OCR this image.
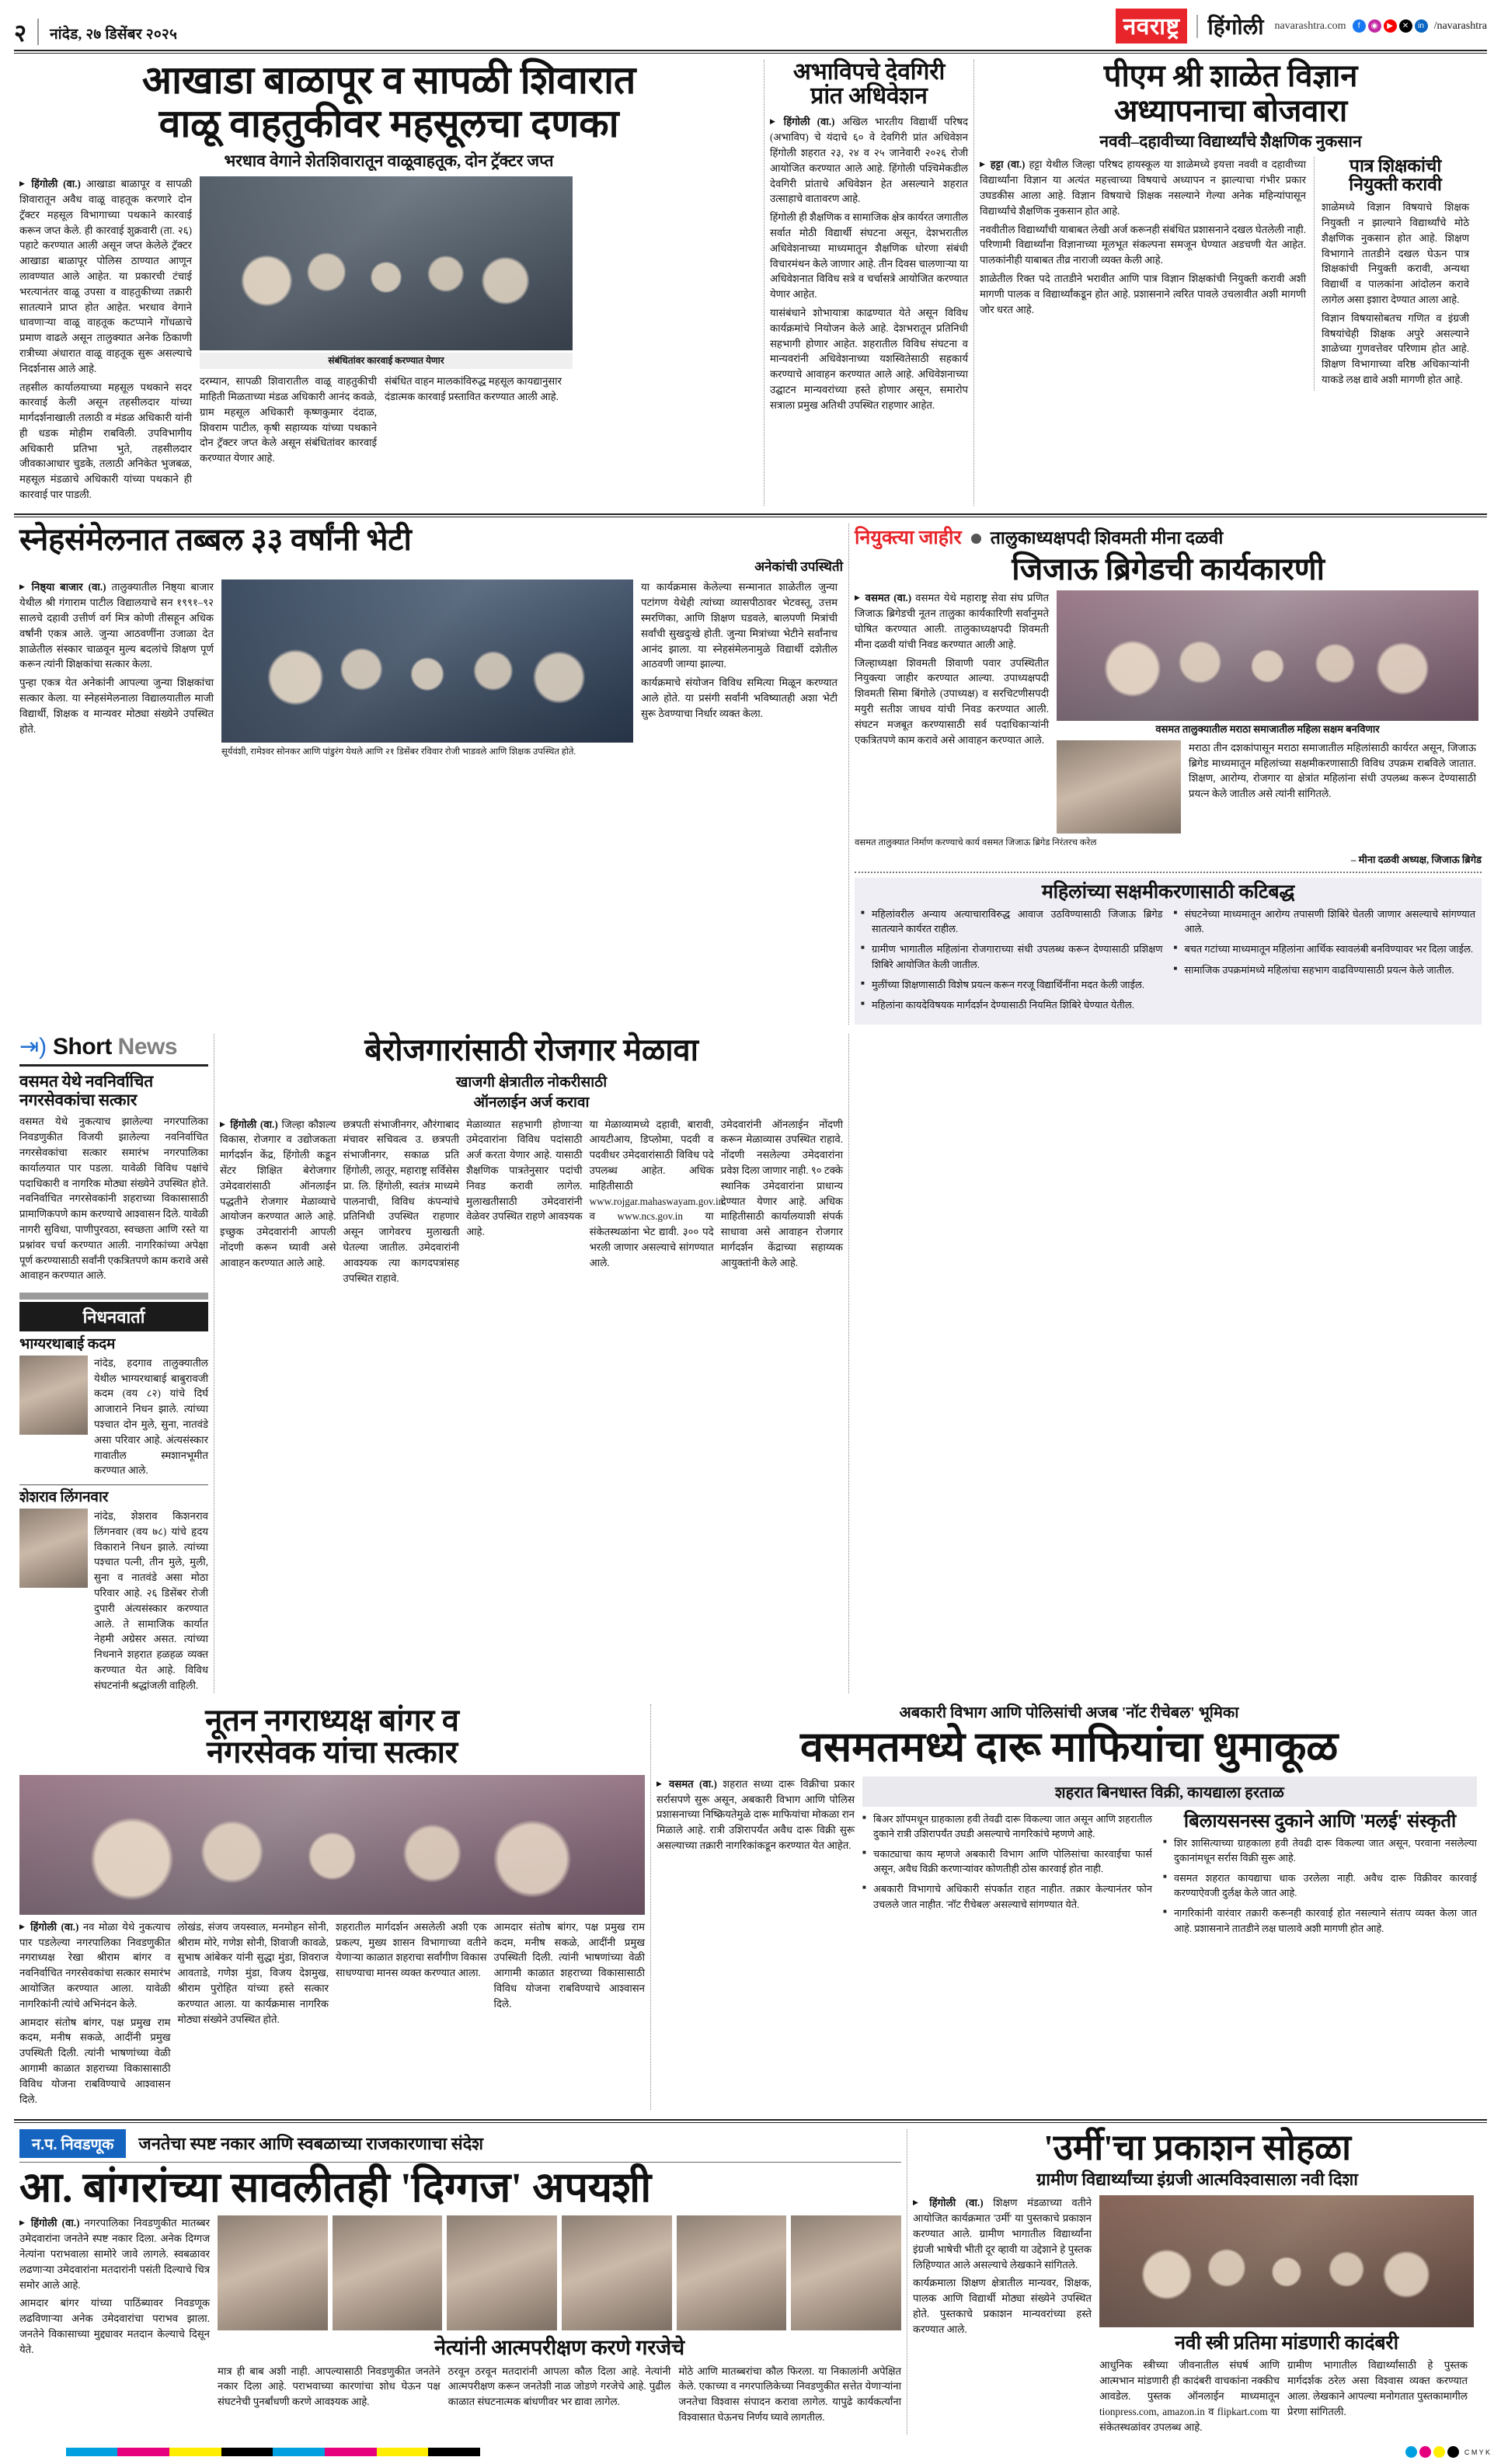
२ नांदेड, २७ डिसेंबर २०२५	नवराष्ट्र	हिंगोली navarashtra.com	f	◉	▶	✕	in /navarashtra
आखाडा बाळापूर व सापळी शिवारात
वाळू वाहतुकीवर महसूलचा दणका
भरधाव वेगाने शेतशिवारातून वाळूवाहतूक, दोन ट्रॅक्टर जप्त

▶ हिंगोली (वा.) आखाडा बाळापूर व सापळी शिवारातून अवैध वाळू वाहतूक करणारे दोन ट्रॅक्टर महसूल विभागाच्या पथकाने कारवाई करून जप्त केले. ही कारवाई शुक्रवारी (ता. २६) पहाटे करण्यात आली असून जप्त केलेले ट्रॅक्टर आखाडा बाळापूर पोलिस ठाण्यात आणून लावण्यात आले आहेत. या प्रकारची टंचाई भरत्यानंतर वाळू उपसा व वाहतुकीच्या तक्रारी सातत्याने प्राप्त होत आहेत. भरधाव वेगाने धावणाऱ्या वाळू वाहतूक कटप्पाने गोंधळाचे प्रमाण वाढले असून तालुक्यात अनेक ठिकाणी रात्रीच्या अंधारात वाळू वाहतूक सुरू असल्याचे निदर्शनास आले आहे.

तहसील कार्यालयाच्या महसूल पथकाने सदर कारवाई केली असून तहसीलदार यांच्या मार्गदर्शनाखाली तलाठी व मंडळ अधिकारी यांनी ही धडक मोहीम राबविली. उपविभागीय अधिकारी प्रतिभा भुते, तहसीलदार जीवकाआधार चुडकेे, तलाठी अनिकेत भुजबळ, महसूल मंडळाचे अधिकारी यांच्या पथकाने ही कारवाई पार पाडली.

संबंधितांवर कारवाई करण्यात येणार
दरम्यान, सापळी शिवारातील वाळू वाहतुकीची माहिती मिळताच्या मंडळ अधिकारी आनंद कवळे, ग्राम महसूल अधिकारी कृष्णकुमार दंदाळ, शिवराम पाटील, कृषी सहाय्यक यांच्या पथकाने दोन ट्रॅक्टर जप्त केले असून संबंधितांवर कारवाई करण्यात येणार आहे.
संबंधित वाहन मालकांविरुद्ध महसूल कायद्यानुसार दंडात्मक कारवाई प्रस्तावित करण्यात आली आहे.
अभाविपचे देवगिरी
प्रांत अधिवेशन

▶ हिंगोली (वा.) अखिल भारतीय विद्यार्थी परिषद (अभाविप) चे यंदाचे ६० वे देवगिरी प्रांत अधिवेशन हिंगोली शहरात २३, २४ व २५ जानेवारी २०२६ रोजी आयोजित करण्यात आले आहे. हिंगोली पश्चिमेकडील देवगिरी प्रांताचे अधिवेशन हेत असल्याने शहरात उत्साहाचे वातावरण आहे.

हिंगोली ही शैक्षणिक व सामाजिक क्षेत्र कार्यरत जगातील सर्वात मोठी विद्यार्थी संघटना असून, देशभरातील अधिवेशनाच्या माध्यमातून शैक्षणिक धोरणा संबंधी विचारमंथन केले जाणार आहे. तीन दिवस चालणाऱ्या या अधिवेशनात विविध सत्रे व चर्चासत्रे आयोजित करण्यात येणार आहेत.

यासंबंधाने शोभायात्रा काढण्यात येते असून विविध कार्यक्रमांचे नियोजन केले आहे. देशभरातून प्रतिनिधी सहभागी होणार आहेत. शहरातील विविध संघटना व मान्यवरांनी अधिवेशनाच्या यशस्वितेसाठी सहकार्य करण्याचे आवाहन करण्यात आले आहे. अधिवेशनाच्या उद्घाटन मान्यवरांच्या हस्ते होणार असून, समारोप सत्राला प्रमुख अतिथी उपस्थित राहणार आहेत.

पीएम श्री शाळेत विज्ञान
अध्यापनाचा बोजवारा
नववी–दहावीच्या विद्यार्थ्यांचे शैक्षणिक नुकसान

▶ हट्टा (वा.) हट्टा येथील जिल्हा परिषद हायस्कूल या शाळेमध्ये इयत्ता नववी व दहावीच्या विद्यार्थ्यांना विज्ञान या अत्यंत महत्त्वाच्या विषयाचे अध्यापन न झाल्याचा गंभीर प्रकार उघडकीस आला आहे. विज्ञान विषयाचे शिक्षक नसल्याने गेल्या अनेक महिन्यांपासून विद्यार्थ्यांचे शैक्षणिक नुकसान होत आहे.

नववीतील विद्यार्थ्यांची याबाबत लेखी अर्ज करूनही संबंधित प्रशासनाने दखल घेतलेली नाही. परिणामी विद्यार्थ्यांना विज्ञानाच्या मूलभूत संकल्पना समजून घेण्यात अडचणी येत आहेत. पालकांनीही याबाबत तीव्र नाराजी व्यक्त केली आहे.

शाळेतील रिक्त पदे तातडीने भरावीत आणि पात्र विज्ञान शिक्षकांची नियुक्ती करावी अशी मागणी पालक व विद्यार्थ्यांकडून होत आहे. प्रशासनाने त्वरित पावले उचलावीत अशी मागणी जोर धरत आहे.

पात्र शिक्षकांची
नियुक्ती करावी

शाळेमध्ये विज्ञान विषयाचे शिक्षक नियुक्ती न झाल्याने विद्यार्थ्यांचे मोठे शैक्षणिक नुकसान होत आहे. शिक्षण विभागाने तातडीने दखल घेऊन पात्र शिक्षकांची नियुक्ती करावी, अन्यथा विद्यार्थी व पालकांना आंदोलन करावे लागेल असा इशारा देण्यात आला आहे.

विज्ञान विषयासोबतच गणित व इंग्रजी विषयांचेही शिक्षक अपुरे असल्याने शाळेच्या गुणवत्तेवर परिणाम होत आहे. शिक्षण विभागाच्या वरिष्ठ अधिकाऱ्यांनी याकडे लक्ष द्यावे अशी मागणी होत आहे.

स्नेहसंमेलनात तब्बल ३३ वर्षांनी भेटी
अनेकांची उपस्थिती

▶ निष्ठ्या बाजार (वा.) तालुक्यातील निष्ठ्या बाजार येथील श्री गंगाराम पाटील विद्यालयाचे सन १९९१–९२ सालचे दहावी उत्तीर्ण वर्ग मित्र कोणी तीसहून अधिक वर्षांनी एकत्र आले. जुन्या आठवणींना उजाळा देत शाळेतील संस्कार चाळवून मुल्य बदलांचे शिक्षण पूर्ण करून त्यांनी शिक्षकांचा सत्कार केला.

पुन्हा एकत्र येत अनेकांनी आपल्या जुन्या शिक्षकांचा सत्कार केला. या स्नेहसंमेलनाला विद्यालयातील माजी विद्यार्थी, शिक्षक व मान्यवर मोठ्या संख्येने उपस्थित होते.

सूर्यवंशी, रामेश्वर सोनकर आणि पांडुरंग येथले आणि २१ डिसेंबर रविवार रोजी भाडवले आणि शिक्षक उपस्थित होते.

या कार्यक्रमास केलेल्या सन्मानात शाळेतील जुन्या पटांगण येथेही त्यांच्या व्यासपीठावर भेटवस्तू, उत्तम स्मरणिका, आणि शिक्षण घडवले, बालपणी मित्रांची सर्वांची सुखदुःखे होती. जुन्या मित्रांच्या भेटीने सर्वांनाच आनंद झाला. या स्नेहसंमेलनामुळे विद्यार्थी दशेतील आठवणी जाग्या झाल्या.

कार्यक्रमाचे संयोजन विविध समित्या मिळून करण्यात आले होते. या प्रसंगी सर्वांनी भविष्यातही अशा भेटी सुरू ठेवण्याचा निर्धार व्यक्त केला.

नियुक्त्या जाहीर तालुकाध्यक्षपदी शिवमती मीना दळवी
जिजाऊ ब्रिगेडची कार्यकारणी

▶ वसमत (वा.) वसमत येथे महाराष्ट्र सेवा संघ प्रणित जिजाऊ ब्रिगेडची नूतन तालुका कार्यकारिणी सर्वानुमते घोषित करण्यात आली. तालुकाध्यक्षपदी शिवमती मीना दळवी यांची निवड करण्यात आली आहे.

जिल्हाध्यक्षा शिवमती शिवाणी पवार उपस्थितीत नियुक्त्या जाहीर करण्यात आल्या. उपाध्यक्षपदी शिवमती सिमा बिंगोले (उपाध्यक्ष) व सरचिटणीसपदी मयुरी सतीश जाधव यांची निवड करण्यात आली. संघटन मजबूत करण्यासाठी सर्व पदाधिकाऱ्यांनी एकत्रितपणे काम करावे असे आवाहन करण्यात आले.

वसमत तालुक्यातील मराठा समाजातील महिला सक्षम बनविणार
मराठा तीन दशकांपासून मराठा समाजातील महिलांसाठी कार्यरत असून, जिजाऊ ब्रिगेड माध्यमातून महिलांच्या सक्षमीकरणासाठी विविध उपक्रम राबविले जातात. शिक्षण, आरोग्य, रोजगार या क्षेत्रांत महिलांना संधी उपलब्ध करून देण्यासाठी प्रयत्न केले जातील असे त्यांनी सांगितले.
वसमत तालुक्यात निर्माण करण्याचे कार्य वसमत जिजाऊ ब्रिगेड निरंतरच करेल
– मीना दळवी अध्यक्ष, जिजाऊ ब्रिगेड
महिलांच्या सक्षमीकरणासाठी कटिबद्ध
■ महिलांवरील अन्याय अत्याचाराविरुद्ध आवाज उठविण्यासाठी जिजाऊ ब्रिगेड सातत्याने कार्यरत राहील.
■ ग्रामीण भागातील महिलांना रोजगाराच्या संधी उपलब्ध करून देण्यासाठी प्रशिक्षण शिबिरे आयोजित केली जातील.
■ मुलींच्या शिक्षणासाठी विशेष प्रयत्न करून गरजू विद्यार्थिनींना मदत केली जाईल.
■ महिलांना कायदेविषयक मार्गदर्शन देण्यासाठी नियमित शिबिरे घेण्यात येतील.
■ संघटनेच्या माध्यमातून आरोग्य तपासणी शिबिरे घेतली जाणार असल्याचे सांगण्यात आले.
■ बचत गटांच्या माध्यमातून महिलांना आर्थिक स्वावलंबी बनविण्यावर भर दिला जाईल.
■ सामाजिक उपक्रमांमध्ये महिलांचा सहभाग वाढविण्यासाठी प्रयत्न केले जातील.
⇥) Short News
वसमत येथे नवनिर्वाचित नगरसेवकांचा सत्कार
वसमत येथे नुकत्याच झालेल्या नगरपालिका निवडणुकीत विजयी झालेल्या नवनिर्वाचित नगरसेवकांचा सत्कार समारंभ नगरपालिका कार्यालयात पार पडला. यावेळी विविध पक्षांचे पदाधिकारी व नागरिक मोठ्या संख्येने उपस्थित होते. नवनिर्वाचित नगरसेवकांनी शहराच्या विकासासाठी प्रामाणिकपणे काम करण्याचे आश्वासन दिले. यावेळी नागरी सुविधा, पाणीपुरवठा, स्वच्छता आणि रस्ते या प्रश्नांवर चर्चा करण्यात आली. नागरिकांच्या अपेक्षा पूर्ण करण्यासाठी सर्वांनी एकत्रितपणे काम करावे असे आवाहन करण्यात आले.
निधनवार्ता
भाग्यरथाबाई कदम
नांदेड, हदगाव तालुक्यातील येथील भाग्यरथाबाई बाबुरावजी कदम (वय ८२) यांचे दिर्घ आजाराने निधन झाले. त्यांच्या पश्चात दोन मुले, सुना, नातवंडे असा परिवार आहे. अंत्यसंस्कार गावातील स्मशानभूमीत करण्यात आले.
शेशराव लिंगनवार
नांदेड, शेशराव किशनराव लिंगनवार (वय ७८) यांचे हृदय विकाराने निधन झाले. त्यांच्या पश्चात पत्नी, तीन मुले, मुली, सुना व नातवंडे असा मोठा परिवार आहे. २६ डिसेंबर रोजी दुपारी अंत्यसंस्कार करण्यात आले. ते सामाजिक कार्यात नेहमी अग्रेसर असत. त्यांच्या निधनाने शहरात हळहळ व्यक्त करण्यात येत आहे. विविध संघटनांनी श्रद्धांजली वाहिली.
बेरोजगारांसाठी रोजगार मेळावा
खाजगी क्षेत्रातील नोकरीसाठी
ऑनलाईन अर्ज करावा

▶ हिंगोली (वा.) जिल्हा कौशल्य विकास, रोजगार व उद्योजकता मार्गदर्शन केंद्र, हिंगोली कडून सेंटर शिक्षित बेरोजगार उमेदवारांसाठी ऑनलाईन पद्धतीने रोजगार मेळाव्याचे आयोजन करण्यात आले आहे. इच्छुक उमेदवारांनी आपली नोंदणी करून घ्यावी असे आवाहन करण्यात आले आहे.

छत्रपती संभाजीनगर, औरंगाबाद मंचावर सचिवत्व उ. छत्रपती संभाजीनगर, सकाळ प्रति हिंगोली, लातूर, महाराष्ट्र सर्विसेस प्रा. लि. हिंगोली, स्वतंत्र माध्यमे पालनाची, विविध कंपन्यांचे प्रतिनिधी उपस्थित राहणार असून जागेवरच मुलाखती घेतल्या जातील. उमेदवारांनी आवश्यक त्या कागदपत्रांसह उपस्थित राहावे.
मेळाव्यात सहभागी होणाऱ्या उमेदवारांना विविध पदांसाठी अर्ज करता येणार आहे. यासाठी शैक्षणिक पात्रतेनुसार पदांची निवड करावी लागेल. मुलाखतीसाठी उमेदवारांनी वेळेवर उपस्थित राहणे आवश्यक आहे.
या मेळाव्यामध्ये दहावी, बारावी, आयटीआय, डिप्लोमा, पदवी व पदवीधर उमेदवारांसाठी विविध पदे उपलब्ध आहेत. अधिक माहितीसाठी www.rojgar.mahaswayam.gov.in व www.ncs.gov.in या संकेतस्थळांना भेट द्यावी. ३०० पदे भरली जाणार असल्याचे सांगण्यात आले.
उमेदवारांनी ऑनलाईन नोंदणी करून मेळाव्यास उपस्थित राहावे. नोंदणी नसलेल्या उमेदवारांना प्रवेश दिला जाणार नाही. ९० टक्के स्थानिक उमेदवारांना प्राधान्य देण्यात येणार आहे. अधिक माहितीसाठी कार्यालयाशी संपर्क साधावा असे आवाहन रोजगार मार्गदर्शन केंद्राच्या सहाय्यक आयुक्तांनी केले आहे.
नूतन नगराध्यक्ष बांगर व
नगरसेवक यांचा सत्कार

▶ हिंगोली (वा.) नव मोळा येथे नुकत्याच पार पडलेल्या नगरपालिका निवडणुकीत नगराध्यक्ष रेखा श्रीराम बांगर व नवनिर्वाचित नगरसेवकांचा सत्कार समारंभ आयोजित करण्यात आला. यावेळी नागरिकांनी त्यांचे अभिनंदन केले.

आमदार संतोष बांगर, पक्ष प्रमुख राम कदम, मनीष सकळे, आदींनी प्रमुख उपस्थिती दिली. त्यांनी भाषणांच्या वेळी आगामी काळात शहराच्या विकासासाठी विविध योजना राबविण्याचे आश्वासन दिले.

लोखंड, संजय जयस्वाल, मनमोहन सोनी, श्रीराम मोरे, गणेश सोनी, शिवाजी कावळे, सुभाष आंबेकर यांनी सुद्धा मुंडा, शिवराज आवताडे, गणेश मुंडा, विजय देशमुख, श्रीराम पुरोहित यांच्या हस्ते सत्कार करण्यात आला. या कार्यक्रमास नागरिक मोठ्या संख्येने उपस्थित होते.
शहरातील मार्गदर्शन असलेली अशी एक प्रकल्प, मुख्य शासन विभागाच्या वतीने येणाऱ्या काळात शहराचा सर्वांगीण विकास साधण्याचा मानस व्यक्त करण्यात आला.
आमदार संतोष बांगर, पक्ष प्रमुख राम कदम, मनीष सकळे, आदींनी प्रमुख उपस्थिती दिली. त्यांनी भाषणांच्या वेळी आगामी काळात शहराच्या विकासासाठी विविध योजना राबविण्याचे आश्वासन दिले.
अबकारी विभाग आणि पोलिसांची अजब 'नॉट रीचेबल' भूमिका
वसमतमध्ये दारू माफियांचा धुमाकूळ

▶ वसमत (वा.) शहरात सध्या दारू विक्रीचा प्रकार सर्रासपणे सुरू असून, अबकारी विभाग आणि पोलिस प्रशासनाच्या निष्क्रियतेमुळे दारू माफियांचा मोकळा रान मिळाले आहे. रात्री उशिरापर्यंत अवैध दारू विक्री सुरू असल्याच्या तक्रारी नागरिकांकडून करण्यात येत आहेत.

शहरात बिनधास्त विक्री, कायद्याला हरताळ
■ बिअर शॉपमधून ग्राहकाला हवी तेवढी दारू विकल्या जात असून आणि शहरातील दुकाने रात्री उशिरापर्यंत उघडी असल्याचे नागरिकांचे म्हणणे आहे.
■ चकाट्याचा काय म्हणजे अबकारी विभाग आणि पोलिसांचा कारवाईचा फार्स असून, अवैध विक्री करणाऱ्यांवर कोणतीही ठोस कारवाई होत नाही.
■ अबकारी विभागाचे अधिकारी संपर्कात राहत नाहीत. तक्रार केल्यानंतर फोन उचलले जात नाहीत. 'नॉट रीचेबल' असल्याचे सांगण्यात येते.
बिलायसनस्स दुकाने आणि 'मलई' संस्कृती
■ शिर शासित्याच्या ग्राहकाला हवी तेवढी दारू विकल्या जात असून, परवाना नसलेल्या दुकानांमधून सर्रास विक्री सुरू आहे.
■ वसमत शहरात कायद्याचा धाक उरलेला नाही. अवैध दारू विक्रीवर कारवाई करण्याऐवजी दुर्लक्ष केले जात आहे.
■ नागरिकांनी वारंवार तक्रारी करूनही कारवाई होत नसल्याने संताप व्यक्त केला जात आहे. प्रशासनाने तातडीने लक्ष घालावे अशी मागणी होत आहे.
न.प. निवडणूक	जनतेचा स्पष्ट नकार आणि स्वबळाच्या राजकारणाचा संदेश
आ. बांगरांच्या सावलीतही 'दिग्गज' अपयशी

▶ हिंगोली (वा.) नगरपालिका निवडणुकीत मातब्बर उमेदवारांना जनतेने स्पष्ट नकार दिला. अनेक दिग्गज नेत्यांना पराभवाला सामोरे जावे लागले. स्वबळावर लढणाऱ्या उमेदवारांना मतदारांनी पसंती दिल्याचे चित्र समोर आले आहे.

आमदार बांगर यांच्या पाठिंब्यावर निवडणूक लढविणाऱ्या अनेक उमेदवारांचा पराभव झाला. जनतेने विकासाच्या मुद्द्यावर मतदान केल्याचे दिसून येते.	नेत्यांनी आत्मपरीक्षण करणे गरजेचे
मात्र ही बाब अशी नाही. आपल्यासाठी निवडणुकीत जनतेने नकार दिला आहे. पराभवाच्या कारणांचा शोध घेऊन पक्ष संघटनेची पुनर्बांधणी करणे आवश्यक आहे.
ठरवून ठरवून मतदारांनी आपला कौल दिला आहे. नेत्यांनी आत्मपरीक्षण करून जनतेशी नाळ जोडणे गरजेचे आहे. पुढील काळात संघटनात्मक बांधणीवर भर द्यावा लागेल.
मोठे आणि मातब्बरांचा कौल फिरला. या निकालांनी अपेक्षित केले. एकाच्या व नगरपालिकेच्या निवडणुकीत सत्तेत येणाऱ्यांना जनतेचा विश्वास संपादन करावा लागेल. यापुढे कार्यकर्त्यांना विश्वासात घेऊनच निर्णय घ्यावे लागतील.
'उर्मी'चा प्रकाशन सोहळा
ग्रामीण विद्यार्थ्यांच्या इंग्रजी आत्मविश्वासाला नवी दिशा

▶ हिंगोली (वा.) शिक्षण मंडळाच्या वतीने आयोजित कार्यक्रमात 'उर्मी' या पुस्तकाचे प्रकाशन करण्यात आले. ग्रामीण भागातील विद्यार्थ्यांना इंग्रजी भाषेची भीती दूर व्हावी या उद्देशाने हे पुस्तक लिहिण्यात आले असल्याचे लेखकाने सांगितले.

कार्यक्रमाला शिक्षण क्षेत्रातील मान्यवर, शिक्षक, पालक आणि विद्यार्थी मोठ्या संख्येने उपस्थित होते. पुस्तकाचे प्रकाशन मान्यवरांच्या हस्ते करण्यात आले.

नवी स्त्री प्रतिमा मांडणारी कादंबरी
आधुनिक स्त्रीच्या जीवनातील संघर्ष आणि आत्मभान मांडणारी ही कादंबरी वाचकांना नक्कीच आवडेल. पुस्तक ऑनलाईन माध्यमातून tionpress.com, amazon.in व flipkart.com या संकेतस्थळांवर उपलब्ध आहे.
ग्रामीण भागातील विद्यार्थ्यांसाठी हे पुस्तक मार्गदर्शक ठरेल असा विश्वास व्यक्त करण्यात आला. लेखकाने आपल्या मनोगतात पुस्तकामागील प्रेरणा सांगितली.
C M Y K
